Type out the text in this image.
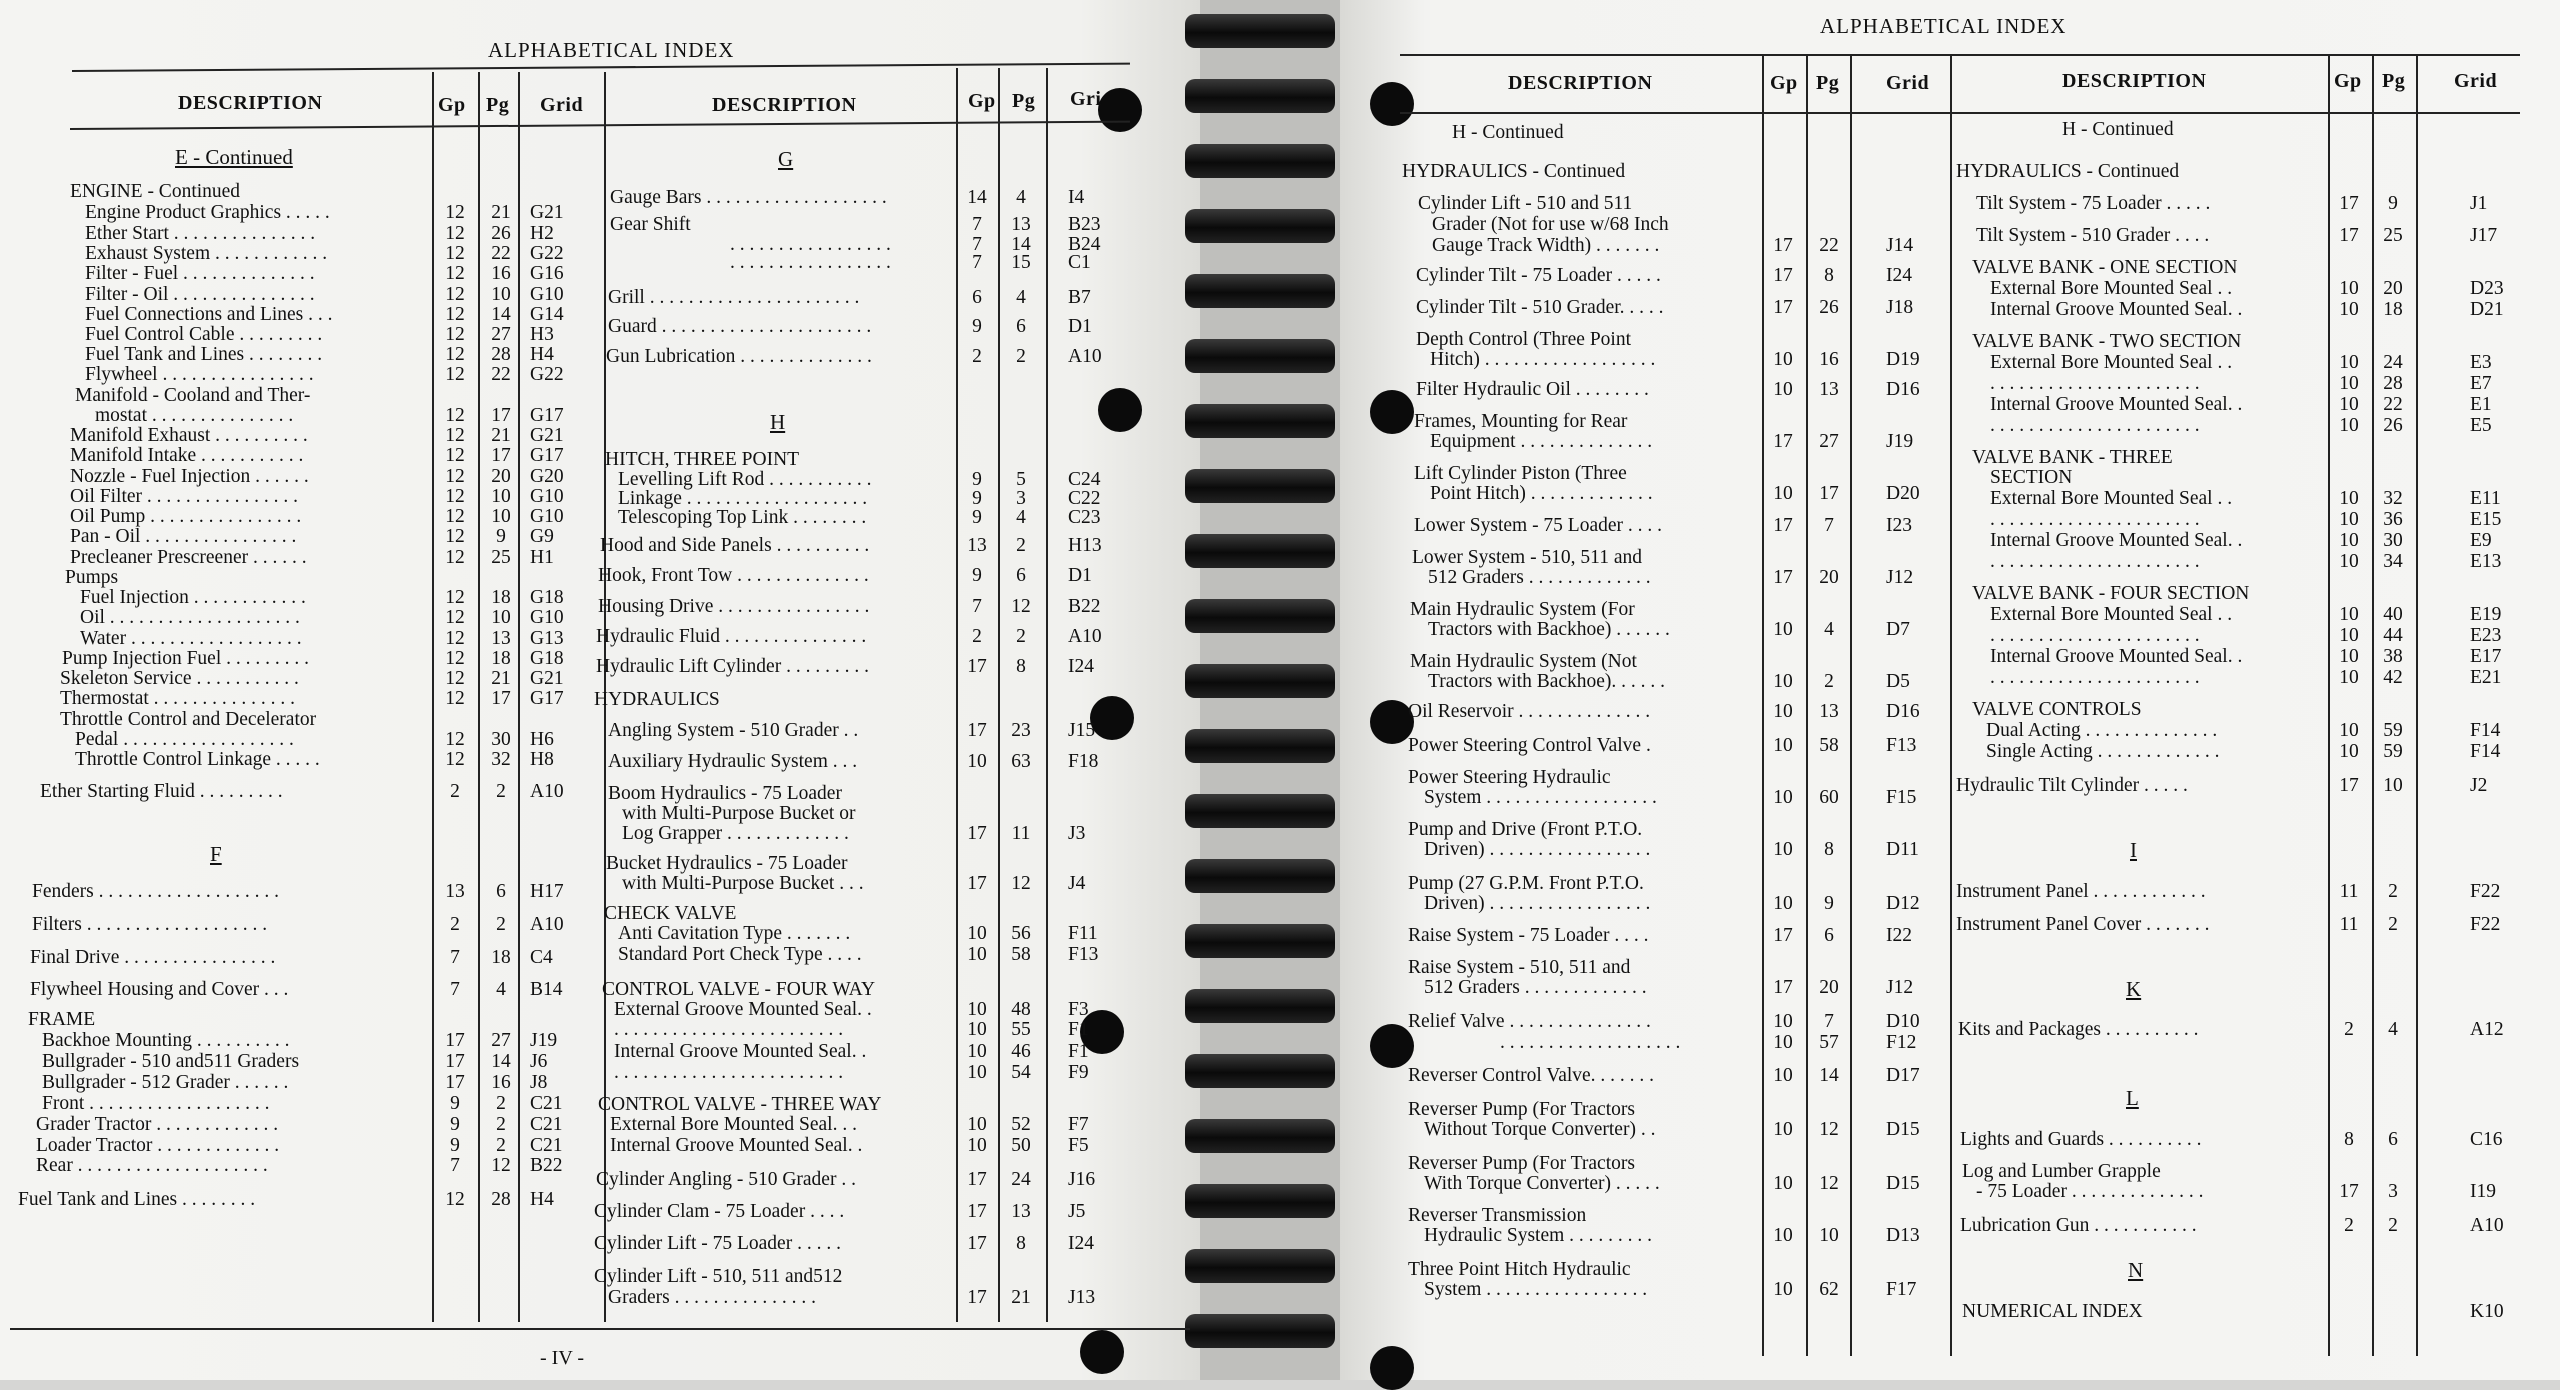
ALPHABETICAL INDEX
DESCRIPTION	Gp Pg Grid	DESCRIPTION	Gp Pg Gri
- IV -
ALPHABETICAL INDEX
DESCRIPTION	Gp Pg Grid	DESCRIPTION	Gp Pg Grid
E - Continued
ENGINE - Continued
Engine Product Graphics . . . . .	12	21 G21
Ether Start . . . . . . . . . . . . . . .	12	26 H2
Exhaust System . . . . . . . . . . . .	12	22 G22
Filter - Fuel . . . . . . . . . . . . . .	12	16 G16
Filter - Oil . . . . . . . . . . . . . . .	12	10 G10
Fuel Connections and Lines . . .	12	14 G14
Fuel Control Cable . . . . . . . . .	12	27 H3
Fuel Tank and Lines . . . . . . . .	12	28 H4
Flywheel . . . . . . . . . . . . . . . .	12	22 G22
Manifold - Cooland and Ther-
mostat . . . . . . . . . . . . . . .	12	17 G17
Manifold Exhaust . . . . . . . . . .	12	21 G21
Manifold Intake . . . . . . . . . . .	12	17 G17
Nozzle - Fuel Injection . . . . . .	12	20 G20
Oil Filter . . . . . . . . . . . . . . . .	12	10 G10
Oil Pump . . . . . . . . . . . . . . . .	12	10 G10
Pan - Oil . . . . . . . . . . . . . . . .	12	9	G9
Precleaner Prescreener . . . . . .	12	25 H1
Pumps
Fuel Injection . . . . . . . . . . . .	12	18 G18
Oil . . . . . . . . . . . . . . . . . . . .	12	10 G10
Water . . . . . . . . . . . . . . . . . .	12	13 G13
Pump Injection Fuel . . . . . . . . .	12	18 G18
Skeleton Service . . . . . . . . . . .	12	21 G21
Thermostat . . . . . . . . . . . . . . .	12	17 G17
Throttle Control and Decelerator
Pedal . . . . . . . . . . . . . . . . . .	12	30 H6
Throttle Control Linkage . . . . .	12	32 H8
Ether Starting Fluid . . . . . . . . .	2	2	A10
F
Fenders . . . . . . . . . . . . . . . . . . .	13	6	H17
Filters . . . . . . . . . . . . . . . . . . .	2	2	A10
Final Drive . . . . . . . . . . . . . . . .	7	18 C4
Flywheel Housing and Cover . . .	7	4	B14
FRAME
Backhoe Mounting . . . . . . . . . .	17	27 J19
Bullgrader - 510 and511 Graders	17	14 J6
Bullgrader - 512 Grader . . . . . .	17	16 J8
Front . . . . . . . . . . . . . . . . . . .	9	2	C21
Grader Tractor . . . . . . . . . . . . .	9	2	C21
Loader Tractor . . . . . . . . . . . . .	9	2	C21
Rear . . . . . . . . . . . . . . . . . . . .	7	12 B22
Fuel Tank and Lines . . . . . . . .	12	28 H4
G
Gauge Bars . . . . . . . . . . . . . . . . . . .	14	4	I4
Gear Shift	7	13	B23
. . . . . . . . . . . . . . . . .	7	14	B24
. . . . . . . . . . . . . . . . .	7	15	C1
Grill . . . . . . . . . . . . . . . . . . . . . .	6	4	B7
Guard . . . . . . . . . . . . . . . . . . . . . .	9	6	D1
Gun Lubrication . . . . . . . . . . . . . .	2	2	A10
H
HITCH, THREE POINT
Levelling Lift Rod . . . . . . . . . . .	9	5	C24
Linkage . . . . . . . . . . . . . . . . . . .	9	3	C22
Telescoping Top Link . . . . . . . .	9	4	C23
Hood and Side Panels . . . . . . . . . .	13	2	H13
Hook, Front Tow . . . . . . . . . . . . . .	9	6	D1
Housing Drive . . . . . . . . . . . . . . . .	7	12	B22
Hydraulic Fluid . . . . . . . . . . . . . . .	2	2	A10
Hydraulic Lift Cylinder . . . . . . . . .	17	8	I24
HYDRAULICS
Angling System - 510 Grader . .	17	23	J15
Auxiliary Hydraulic System . . .	10	63	F18
Boom Hydraulics - 75 Loader
with Multi-Purpose Bucket or
Log Grapper . . . . . . . . . . . . .	17	11	J3
Bucket Hydraulics - 75 Loader
with Multi-Purpose Bucket . . .	17	12	J4
CHECK VALVE
Anti Cavitation Type . . . . . . .	10	56	F11
Standard Port Check Type . . . .	10	58	F13
CONTROL VALVE - FOUR WAY
External Groove Mounted Seal. .	10	48	F3
. . . . . . . . . . . . . . . . . . . . . . . .	10	55	F1
Internal Groove Mounted Seal. .	10	46	F1
. . . . . . . . . . . . . . . . . . . . . . . .	10	54	F9
CONTROL VALVE - THREE WAY
External Bore Mounted Seal. . .	10	52	F7
Internal Groove Mounted Seal. .	10	50	F5
Cylinder Angling - 510 Grader . .	17	24	J16
Cylinder Clam - 75 Loader . . . .	17	13	J5
Cylinder Lift - 75 Loader . . . . .	17	8	I24
Cylinder Lift - 510, 511 and512
Graders . . . . . . . . . . . . . . .	17	21	J13
H - Continued
HYDRAULICS - Continued
Cylinder Lift - 510 and 511
Grader (Not for use w/68 Inch
Gauge Track Width) . . . . . . .	17	22	J14
Cylinder Tilt - 75 Loader . . . . .	17	8	I24
Cylinder Tilt - 510 Grader. . . . .	17	26	J18
Depth Control (Three Point
Hitch) . . . . . . . . . . . . . . . . . .	10	16	D19
Filter Hydraulic Oil . . . . . . . .	10	13	D16
Frames, Mounting for Rear
Equipment . . . . . . . . . . . . . .	17	27	J19
Lift Cylinder Piston (Three
Point Hitch) . . . . . . . . . . . . .	10	17	D20
Lower System - 75 Loader . . . .	17	7	I23
Lower System - 510, 511 and
512 Graders . . . . . . . . . . . . .	17	20	J12
Main Hydraulic System (For
Tractors with Backhoe) . . . . . .	10	4	D7
Main Hydraulic System (Not
Tractors with Backhoe). . . . . .	10	2	D5
Oil Reservoir . . . . . . . . . . . . . .	10	13	D16
Power Steering Control Valve .	10	58	F13
Power Steering Hydraulic
System . . . . . . . . . . . . . . . . . .	10	60	F15
Pump and Drive (Front P.T.O.
Driven) . . . . . . . . . . . . . . . . .	10	8	D11
Pump (27 G.P.M. Front P.T.O.
Driven) . . . . . . . . . . . . . . . . .	10	9	D12
Raise System - 75 Loader . . . .	17	6	I22
Raise System - 510, 511 and
512 Graders . . . . . . . . . . . . .	17	20	J12
Relief Valve . . . . . . . . . . . . . . .	10	7	D10
. . . . . . . . . . . . . . . . . . .	10	57	F12
Reverser Control Valve. . . . . . .	10	14	D17
Reverser Pump (For Tractors
Without Torque Converter) . .	10	12	D15
Reverser Pump (For Tractors
With Torque Converter) . . . . .	10	12	D15
Reverser Transmission
Hydraulic System . . . . . . . . .	10	10	D13
Three Point Hitch Hydraulic
System . . . . . . . . . . . . . . . . .	10	62	F17
H - Continued
HYDRAULICS - Continued
Tilt System - 75 Loader . . . . .	17	9	J1
Tilt System - 510 Grader . . . .	17	25	J17
VALVE BANK - ONE SECTION
External Bore Mounted Seal . .	10	20	D23
Internal Groove Mounted Seal. .	10	18	D21
VALVE BANK - TWO SECTION
External Bore Mounted Seal . .	10	24	E3
. . . . . . . . . . . . . . . . . . . . . .	10	28	E7
Internal Groove Mounted Seal. .	10	22	E1
. . . . . . . . . . . . . . . . . . . . . .	10	26	E5
VALVE BANK - THREE
SECTION
External Bore Mounted Seal . .	10	32	E11
. . . . . . . . . . . . . . . . . . . . . .	10	36	E15
Internal Groove Mounted Seal. .	10	30	E9
. . . . . . . . . . . . . . . . . . . . . .	10	34	E13
VALVE BANK - FOUR SECTION
External Bore Mounted Seal . .	10	40	E19
. . . . . . . . . . . . . . . . . . . . . .	10	44	E23
Internal Groove Mounted Seal. .	10	38	E17
. . . . . . . . . . . . . . . . . . . . . .	10	42	E21
VALVE CONTROLS
Dual Acting . . . . . . . . . . . . . .	10	59	F14
Single Acting . . . . . . . . . . . . .	10	59	F14
Hydraulic Tilt Cylinder . . . . .	17	10	J2
I
Instrument Panel . . . . . . . . . . . .	11	2	F22
Instrument Panel Cover . . . . . . .	11	2	F22
K
Kits and Packages . . . . . . . . . .	2	4	A12
L
Lights and Guards . . . . . . . . . .	8	6	C16
Log and Lumber Grapple
- 75 Loader . . . . . . . . . . . . . .	17	3	I19
Lubrication Gun . . . . . . . . . . .	2	2	A10
N
NUMERICAL INDEX	K10
